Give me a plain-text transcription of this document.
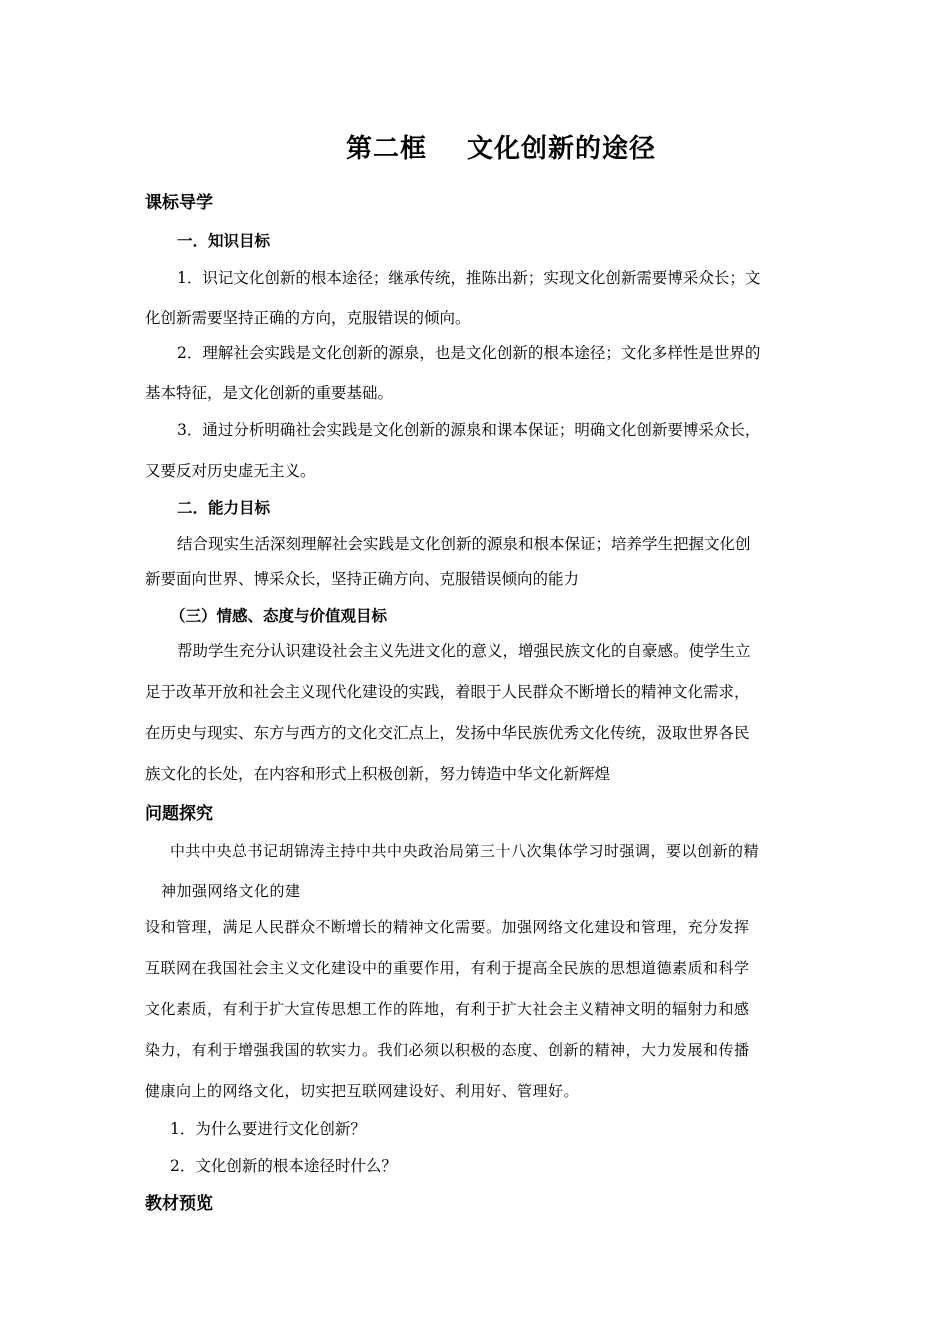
第二框 文化创新的途径
课标导学
一．知识目标
1．识记文化创新的根本途径；继承传统，推陈出新；实现文化创新需要博采众长；文
化创新需要坚持正确的方向，克服错误的倾向。
2．理解社会实践是文化创新的源泉，也是文化创新的根本途径；文化多样性是世界的
基本特征，是文化创新的重要基础。
3．通过分析明确社会实践是文化创新的源泉和课本保证；明确文化创新要博采众长，
又要反对历史虚无主义。
二．能力目标
结合现实生活深刻理解社会实践是文化创新的源泉和根本保证；培养学生把握文化创
新要面向世界、博采众长，坚持正确方向、克服错误倾向的能力
（三）情感、态度与价值观目标
帮助学生充分认识建设社会主义先进文化的意义，增强民族文化的自豪感。使学生立
足于改革开放和社会主义现代化建设的实践，着眼于人民群众不断增长的精神文化需求，
在历史与现实、东方与西方的文化交汇点上，发扬中华民族优秀文化传统，汲取世界各民
族文化的长处，在内容和形式上积极创新，努力铸造中华文化新辉煌
问题探究
中共中央总书记胡锦涛主持中共中央政治局第三十八次集体学习时强调，要以创新的精
神加强网络文化的建
设和管理，满足人民群众不断增长的精神文化需要。加强网络文化建设和管理，充分发挥
互联网在我国社会主义文化建设中的重要作用，有利于提高全民族的思想道德素质和科学
文化素质，有利于扩大宣传思想工作的阵地，有利于扩大社会主义精神文明的辐射力和感
染力，有利于增强我国的软实力。我们必须以积极的态度、创新的精神，大力发展和传播
健康向上的网络文化，切实把互联网建设好、利用好、管理好。
1．为什么要进行文化创新？
2．文化创新的根本途径时什么？
教材预览
